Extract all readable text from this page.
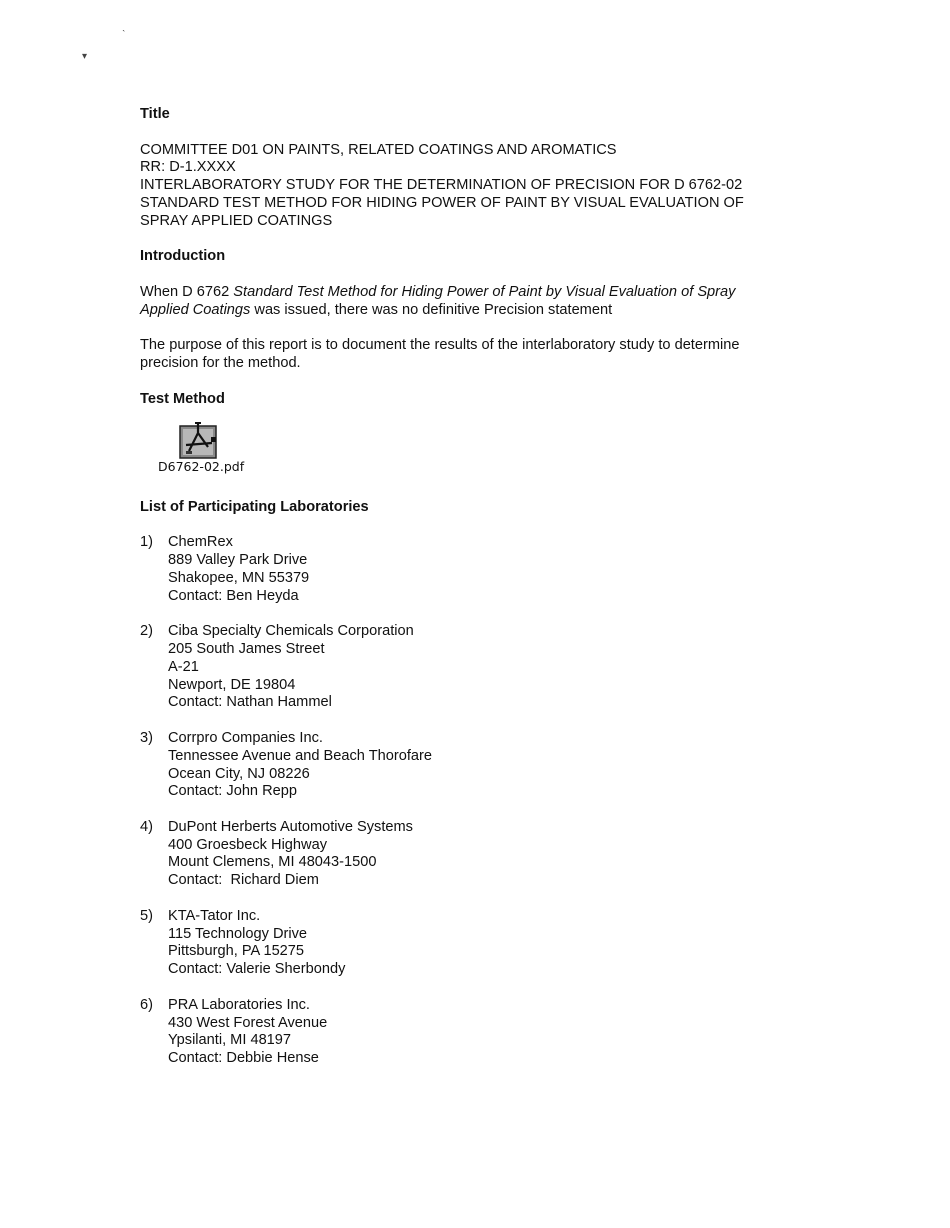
˴
▾
Title
COMMITTEE D01 ON PAINTS, RELATED COATINGS AND AROMATICS
RR: D-1.XXXX
INTERLABORATORY STUDY FOR THE DETERMINATION OF PRECISION FOR D 6762-02
STANDARD TEST METHOD FOR HIDING POWER OF PAINT BY VISUAL EVALUATION OF
SPRAY APPLIED COATINGS
Introduction
When D 6762 Standard Test Method for Hiding Power of Paint by Visual Evaluation of Spray
Applied Coatings was issued, there was no definitive Precision statement
The purpose of this report is to document the results of the interlaboratory study to determine
precision for the method.
Test Method
D6762-02.pdf
List of Participating Laboratories
1)	ChemRex
889 Valley Park Drive
Shakopee, MN 55379
Contact: Ben Heyda
2)	Ciba Specialty Chemicals Corporation
205 South James Street
A-21
Newport, DE 19804
Contact: Nathan Hammel
3)	Corrpro Companies Inc.
Tennessee Avenue and Beach Thorofare
Ocean City, NJ 08226
Contact: John Repp
4)	DuPont Herberts Automotive Systems
400 Groesbeck Highway
Mount Clemens, MI 48043-1500
Contact:  Richard Diem
5)	KTA-Tator Inc.
115 Technology Drive
Pittsburgh, PA 15275
Contact: Valerie Sherbondy
6)	PRA Laboratories Inc.
430 West Forest Avenue
Ypsilanti, MI 48197
Contact: Debbie Hense
